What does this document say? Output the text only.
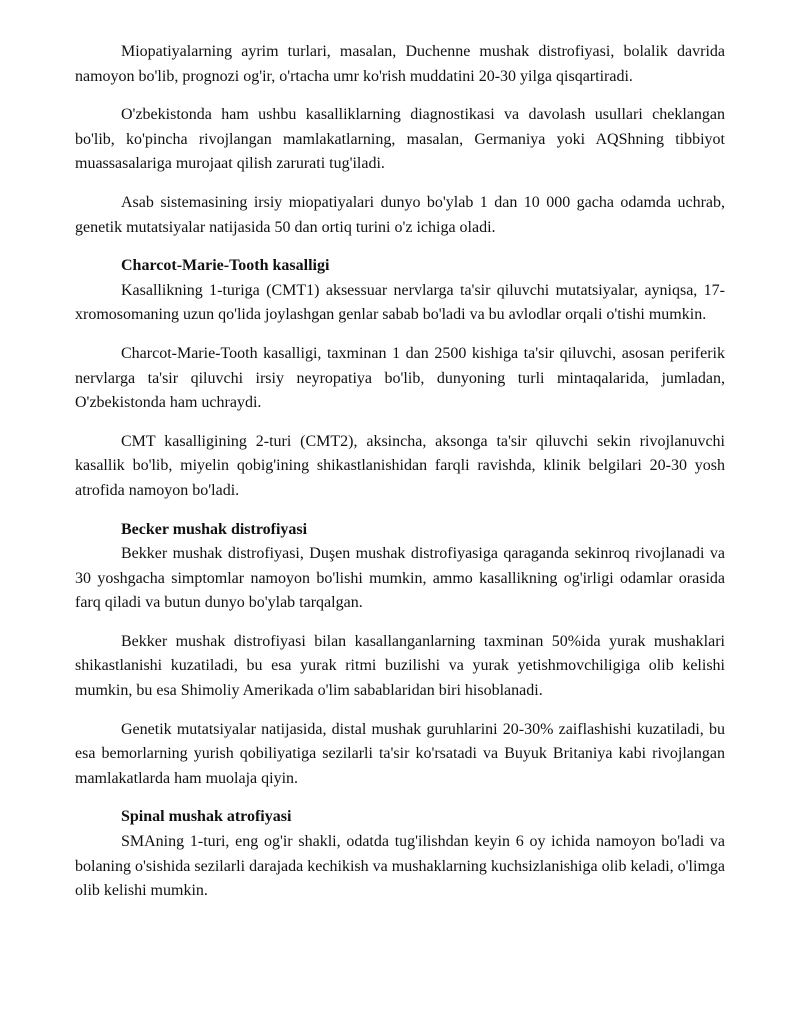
Miopatiyalarning ayrim turlari, masalan, Duchenne mushak distrofiyasi, bolalik davrida namoyon bo'lib, prognozi og'ir, o'rtacha umr ko'rish muddatini 20-30 yilga qisqartiradi.

O'zbekistonda ham ushbu kasalliklarning diagnostikasi va davolash usullari cheklangan bo'lib, ko'pincha rivojlangan mamlakatlarning, masalan, Germaniya yoki AQShning tibbiyot muassasalariga murojaat qilish zarurati tug'iladi.

Asab sistemasining irsiy miopatiyalari dunyo bo'ylab 1 dan 10 000 gacha odamda uchrab, genetik mutatsiyalar natijasida 50 dan ortiq turini o'z ichiga oladi.

Charcot-Marie-Tooth kasalligi

Kasallikning 1-turiga (CMT1) aksessuar nervlarga ta'sir qiluvchi mutatsiyalar, ayniqsa, 17-xromosomaning uzun qo'lida joylashgan genlar sabab bo'ladi va bu avlodlar orqali o'tishi mumkin.

Charcot-Marie-Tooth kasalligi, taxminan 1 dan 2500 kishiga ta'sir qiluvchi, asosan periferik nervlarga ta'sir qiluvchi irsiy neyropatiya bo'lib, dunyoning turli mintaqalarida, jumladan, O'zbekistonda ham uchraydi.

CMT kasalligining 2-turi (CMT2), aksincha, aksonga ta'sir qiluvchi sekin rivojlanuvchi kasallik bo'lib, miyelin qobig'ining shikastlanishidan farqli ravishda, klinik belgilari 20-30 yosh atrofida namoyon bo'ladi.

Becker mushak distrofiyasi

Bekker mushak distrofiyasi, Duşen mushak distrofiyasiga qaraganda sekinroq rivojlanadi va 30 yoshgacha simptomlar namoyon bo'lishi mumkin, ammo kasallikning og'irligi odamlar orasida farq qiladi va butun dunyo bo'ylab tarqalgan.

Bekker mushak distrofiyasi bilan kasallanganlarning taxminan 50%ida yurak mushaklari shikastlanishi kuzatiladi, bu esa yurak ritmi buzilishi va yurak yetishmovchiligiga olib kelishi mumkin, bu esa Shimoliy Amerikada o'lim sabablaridan biri hisoblanadi.

Genetik mutatsiyalar natijasida, distal mushak guruhlarini 20-30% zaiflashishi kuzatiladi, bu esa bemorlarning yurish qobiliyatiga sezilarli ta'sir ko'rsatadi va Buyuk Britaniya kabi rivojlangan mamlakatlarda ham muolaja qiyin.

Spinal mushak atrofiyasi

SMAning 1-turi, eng og'ir shakli, odatda tug'ilishdan keyin 6 oy ichida namoyon bo'ladi va bolaning o'sishida sezilarli darajada kechikish va mushaklarning kuchsizlanishiga olib keladi, o'limga olib kelishi mumkin.
